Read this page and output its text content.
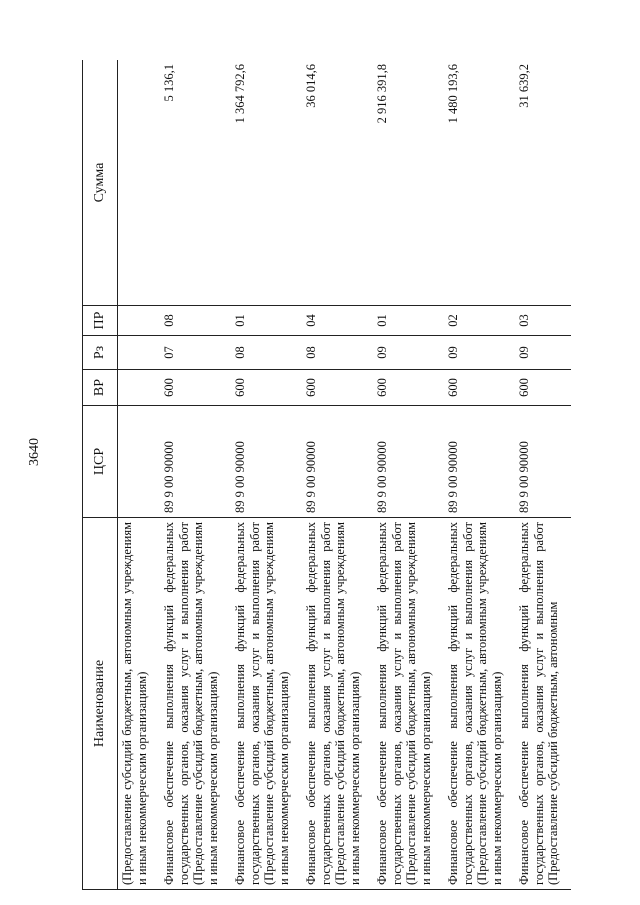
3640
Наименование	ЦСР	ВР	Рз	ПР	Сумма
(Предоставление субсидий бюджетным, автономным учреждениям и иным некоммерческим организациям)					
Финансовое обеспечение выполнения функций федеральных государственных органов, оказания услуг и выполнения работ (Предоставление субсидий бюджетным, автономным учреждениям и иным некоммерческим организациям)	89 9 00 90000	600	07	08	5 136,1
Финансовое обеспечение выполнения функций федеральных государственных органов, оказания услуг и выполнения работ (Предоставление субсидий бюджетным, автономным учреждениям и иным некоммерческим организациям)	89 9 00 90000	600	08	01	1 364 792,6
Финансовое обеспечение выполнения функций федеральных государственных органов, оказания услуг и выполнения работ (Предоставление субсидий бюджетным, автономным учреждениям и иным некоммерческим организациям)	89 9 00 90000	600	08	04	36 014,6
Финансовое обеспечение выполнения функций федеральных государственных органов, оказания услуг и выполнения работ (Предоставление субсидий бюджетным, автономным учреждениям и иным некоммерческим организациям)	89 9 00 90000	600	09	01	2 916 391,8
Финансовое обеспечение выполнения функций федеральных государственных органов, оказания услуг и выполнения работ (Предоставление субсидий бюджетным, автономным учреждениям и иным некоммерческим организациям)	89 9 00 90000	600	09	02	1 480 193,6
Финансовое обеспечение выполнения функций федеральных государственных органов, оказания услуг и выполнения работ (Предоставление субсидий бюджетным, автономным	89 9 00 90000	600	09	03	31 639,2
